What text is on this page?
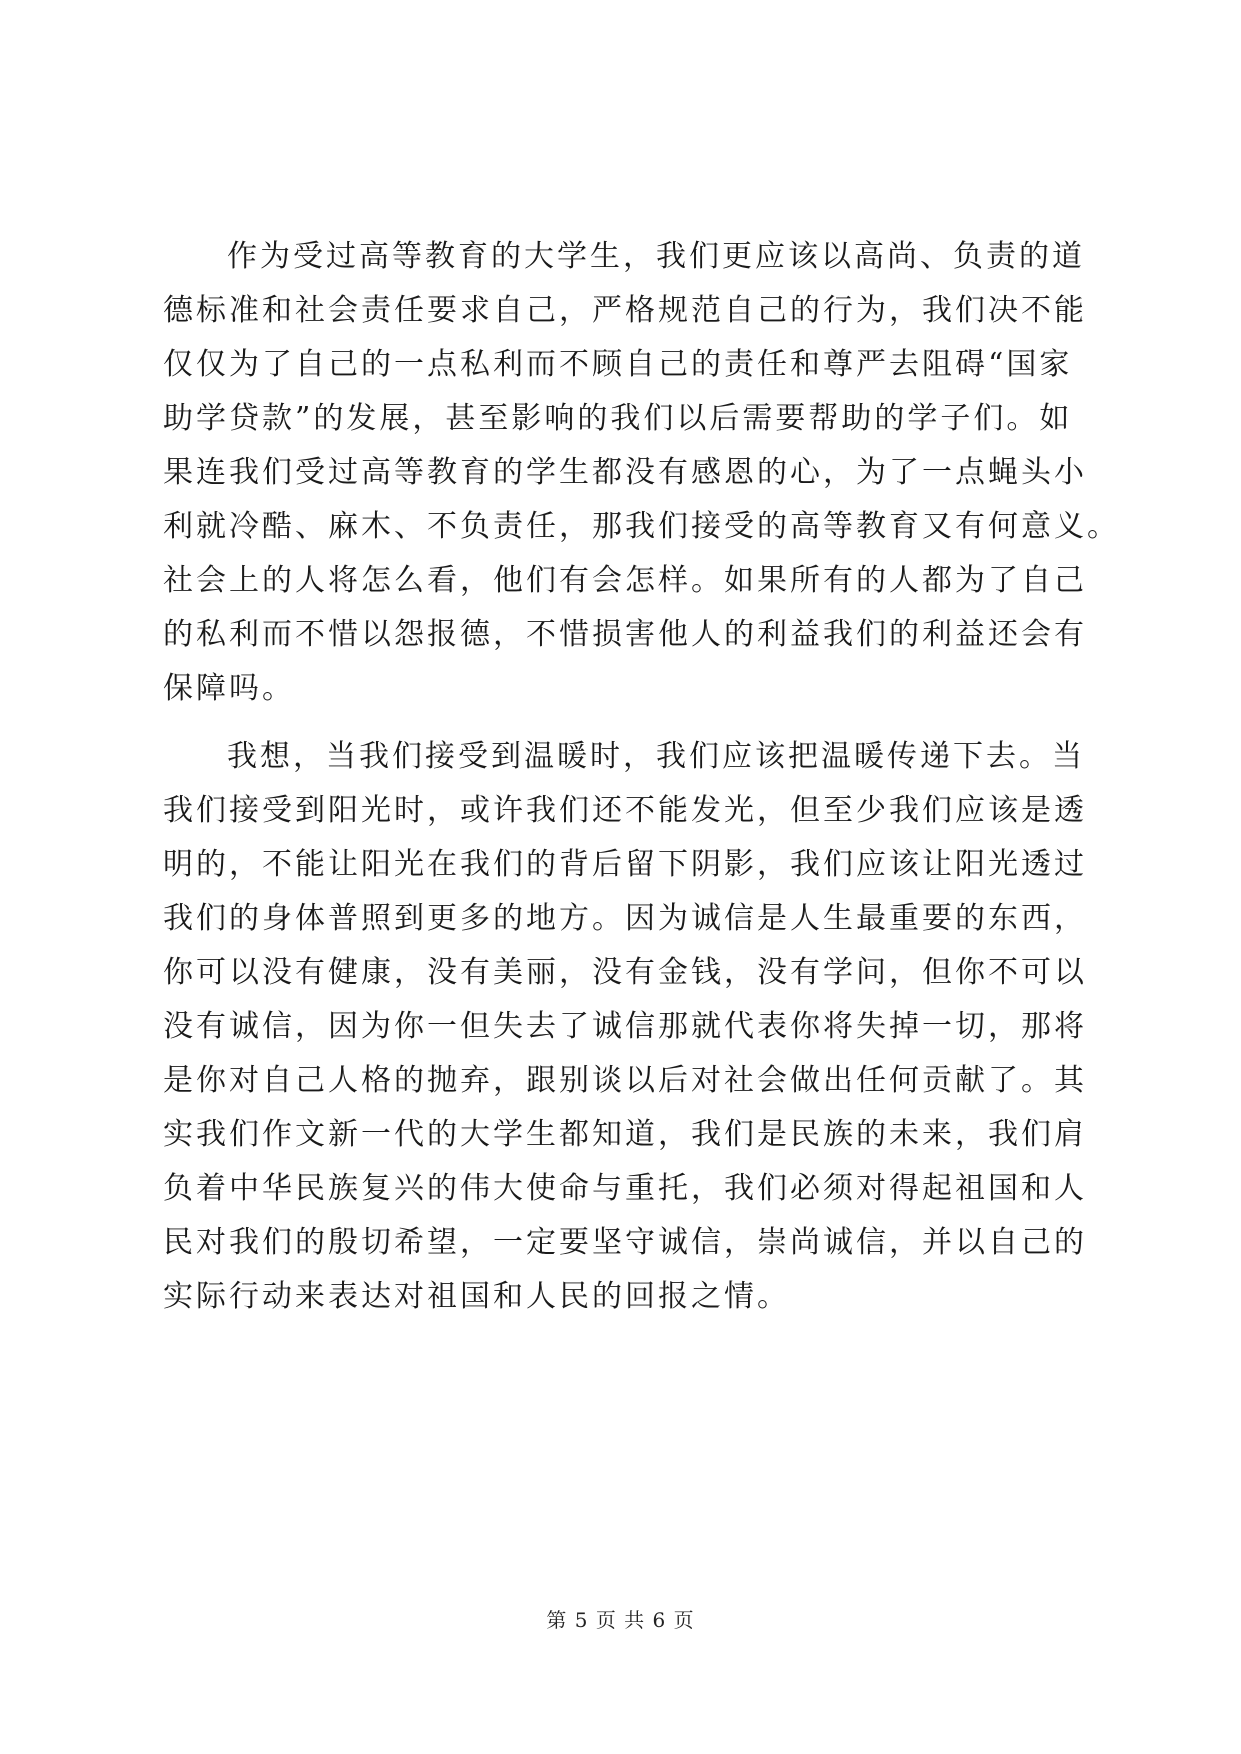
作为受过高等教育的大学生，我们更应该以高尚、负责的道
德标准和社会责任要求自己，严格规范自己的行为，我们决不能
仅仅为了自己的一点私利而不顾自己的责任和尊严去阻碍“国家
助学贷款”的发展，甚至影响的我们以后需要帮助的学子们。如
果连我们受过高等教育的学生都没有感恩的心，为了一点蝇头小
利就冷酷、麻木、不负责任，那我们接受的高等教育又有何意义。
社会上的人将怎么看，他们有会怎样。如果所有的人都为了自己
的私利而不惜以怨报德，不惜损害他人的利益我们的利益还会有
保障吗。
我想，当我们接受到温暖时，我们应该把温暖传递下去。当
我们接受到阳光时，或许我们还不能发光，但至少我们应该是透
明的，不能让阳光在我们的背后留下阴影，我们应该让阳光透过
我们的身体普照到更多的地方。因为诚信是人生最重要的东西，
你可以没有健康，没有美丽，没有金钱，没有学问，但你不可以
没有诚信，因为你一但失去了诚信那就代表你将失掉一切，那将
是你对自己人格的抛弃，跟别谈以后对社会做出任何贡献了。其
实我们作文新一代的大学生都知道，我们是民族的未来，我们肩
负着中华民族复兴的伟大使命与重托，我们必须对得起祖国和人
民对我们的殷切希望，一定要坚守诚信，崇尚诚信，并以自己的
实际行动来表达对祖国和人民的回报之情。
第 5 页 共 6 页
